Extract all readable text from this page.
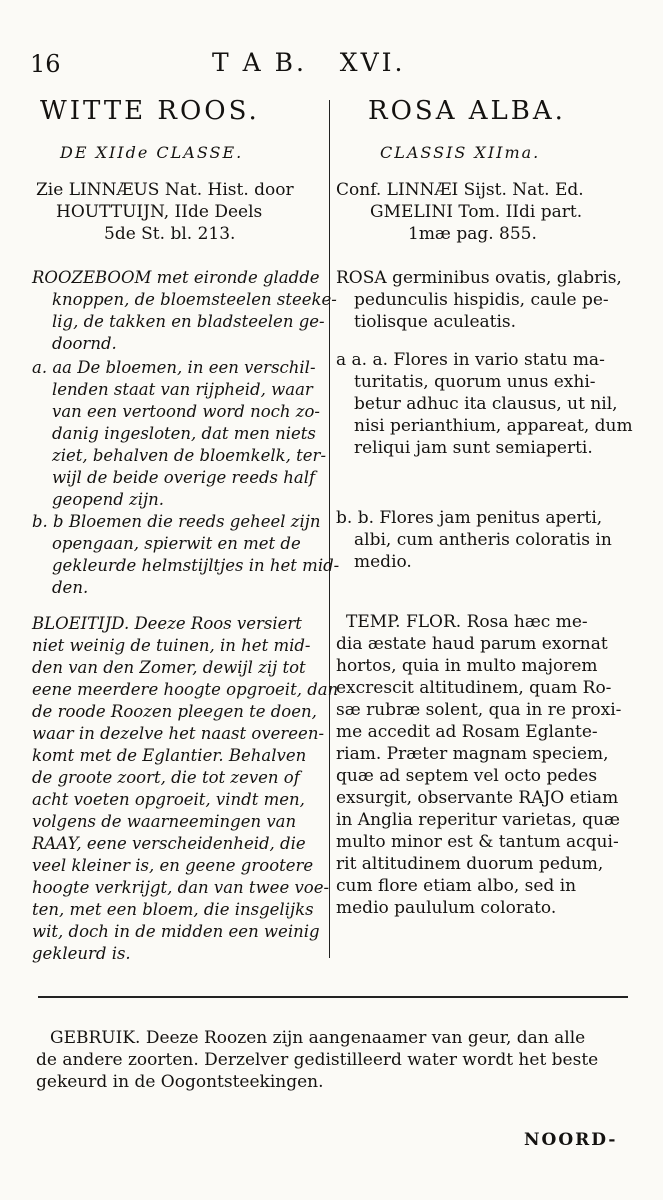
16	T A B.   XVI.
WITTE ROOS.	ROSA ALBA.
DE XIIde CLASSE.	CLASSIS XIIma.
Zie LINNÆUS Nat. Hist. door
HOUTTUIJN, IIde Deels
5de St. bl. 213.
Conf. LINNÆI Sijst. Nat. Ed.
GMELINI Tom. IIdi part.
1mæ pag. 855.
ROOZEBOOM met eironde gladde
knoppen, de bloemsteelen steeke-
lig, de takken en bladsteelen ge-
doornd.
a. aa De bloemen, in een verschil-
lenden staat van rijpheid, waar
van een vertoond word noch zo-
danig ingesloten, dat men niets
ziet, behalven de bloemkelk, ter-
wijl de beide overige reeds half
geopend zijn.
b. b Bloemen die reeds geheel zijn
opengaan, spierwit en met de
gekleurde helmstijltjes in het mid-
den.
BLOEITIJD. Deeze Roos versiert
niet weinig de tuinen, in het mid-
den van den Zomer, dewijl zij tot
eene meerdere hoogte opgroeit, dan
de roode Roozen pleegen te doen,
waar in dezelve het naast overeen-
komt met de Eglantier. Behalven
de groote zoort, die tot zeven of
acht voeten opgroeit, vindt men,
volgens de waarneemingen van
RAAY, eene verscheidenheid, die
veel kleiner is, en geene grootere
hoogte verkrijgt, dan van twee voe-
ten, met een bloem, die insgelijks
wit, doch in de midden een weinig
gekleurd is.
ROSA germinibus ovatis, glabris,
pedunculis hispidis, caule pe-
tiolisque aculeatis.
a a. a. Flores in vario statu ma-
turitatis, quorum unus exhi-
betur adhuc ita clausus, ut nil,
nisi perianthium, appareat, dum
reliqui jam sunt semiaperti.
b. b. Flores jam penitus aperti,
albi, cum antheris coloratis in
medio.
TEMP. FLOR. Rosa hæc me-
dia æstate haud parum exornat
hortos, quia in multo majorem
excrescit altitudinem, quam Ro-
sæ rubræ solent, qua in re proxi-
me accedit ad Rosam Eglante-
riam. Præter magnam speciem,
quæ ad septem vel octo pedes
exsurgit, observante RAJO etiam
in Anglia reperitur varietas, quæ
multo minor est & tantum acqui-
rit altitudinem duorum pedum,
cum flore etiam albo, sed in
medio paululum colorato.
GEBRUIK. Deeze Roozen zijn aangenaamer van geur, dan alle
de andere zoorten. Derzelver gedistilleerd water wordt het beste
gekeurd in de Oogontsteekingen.
NOORD-
